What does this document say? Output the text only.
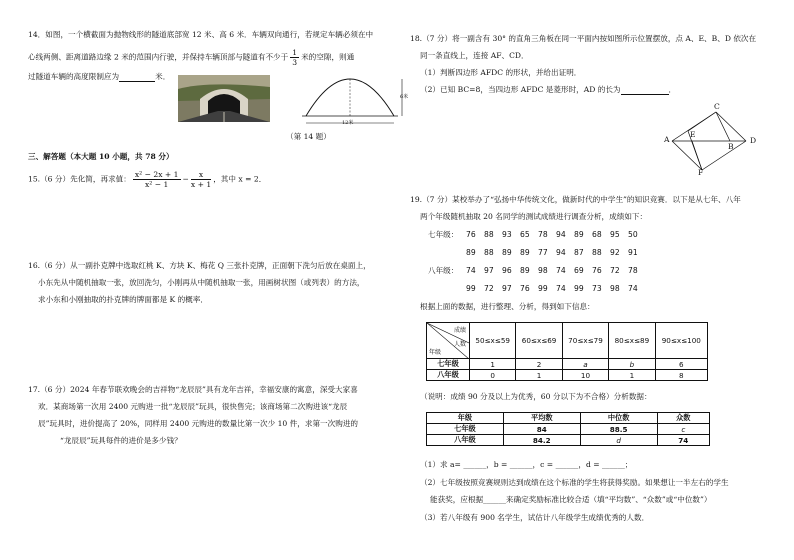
14．如图，一个横截面为抛物线形的隧道底部宽 12 米、高 6 米．车辆双向通行，若规定车辆必须在中
心线两侧、距离道路边缘 2 米的范围内行驶，并保持车辆顶部与隧道有不少于 $\frac{1}{3}$ 米的空隙，则通
过隧道车辆的高度限制应为	米．
6米
12米
（第 14 题）
三、解答题（本大题 10 小题，共 78 分）
15.（6 分）先化简，再求值： $\frac{\text{x² − 2x + 1}}{\text{x² − 1}} - \frac{x}{x + 1}$ ，其中 x = 2．
16.（6 分）从一副扑克牌中选取红桃 K、方块 K、梅花 Q 三张扑克牌，正面朝下洗匀后放在桌面上，
小东先从中随机抽取一张，放回洗匀，小刚再从中随机抽取一张，用画树状图（或列表）的方法，
求小东和小刚抽取的扑克牌的牌面都是 K 的概率．
17.（6 分）2024 年春节联欢晚会的吉祥物“龙辰辰”具有龙年吉祥，幸福安康的寓意，深受大家喜
欢．某商场第一次用 2400 元购进一批“龙辰辰”玩具，很快售完；该商场第二次购进该“龙辰
辰”玩具时，进价提高了 20%，同样用 2400 元购进的数量比第一次少 10 件，求第一次购进的
“龙辰辰”玩具每件的进价是多少钱？
18.（7 分）将一副含有 30° 的直角三角板在同一平面内按如图所示位置摆放，点 A、E、B、D 依次在
同一条直线上，连接 AF、CD．
（1）判断四边形 AFDC 的形状，并给出证明．
（2）已知 BC=8，当四边形 AFDC 是菱形时，AD 的长为	．
A
E
B
D
C
F
19.（7 分）某校举办了“弘扬中华传统文化，做新时代的中学生”的知识竞赛．以下是从七年、八年
两个年级随机抽取 20 名同学的测试成绩进行调查分析，成绩如下：
七年级： 76 88 93 65 78 94 89 68 95 50
89 88 89 89 77 94 87 88 92 91
八年级： 74 97 96 89 98 74 69 76 72 78
99 72 97 76 99 74 99 73 98 74
根据上面的数据，进行整理、分析，得到如下信息：
成绩
人数
年级	50≤x≤59	60≤x≤69	70≤x≤79	80≤x≤89	90≤x≤100
七年级	1	2	a	b	6
八年级	0	1	10	1	8
（说明：成绩 90 分及以上为优秀，60 分以下为不合格）分析数据：
年级	平均数	中位数	众数
七年级	84	88.5	c
八年级	84.2	d	74
（1）求 a= ______，b = ______，c = ______，d = ______；
（2）七年级按照竞赛规则达到成绩在这个标准的学生将获得奖励。如果想让一半左右的学生
能获奖，应根据______来确定奖励标准比较合适（填“平均数”、“众数”或“中位数”）
（3）若八年级有 900 名学生，试估计八年级学生成绩优秀的人数．
